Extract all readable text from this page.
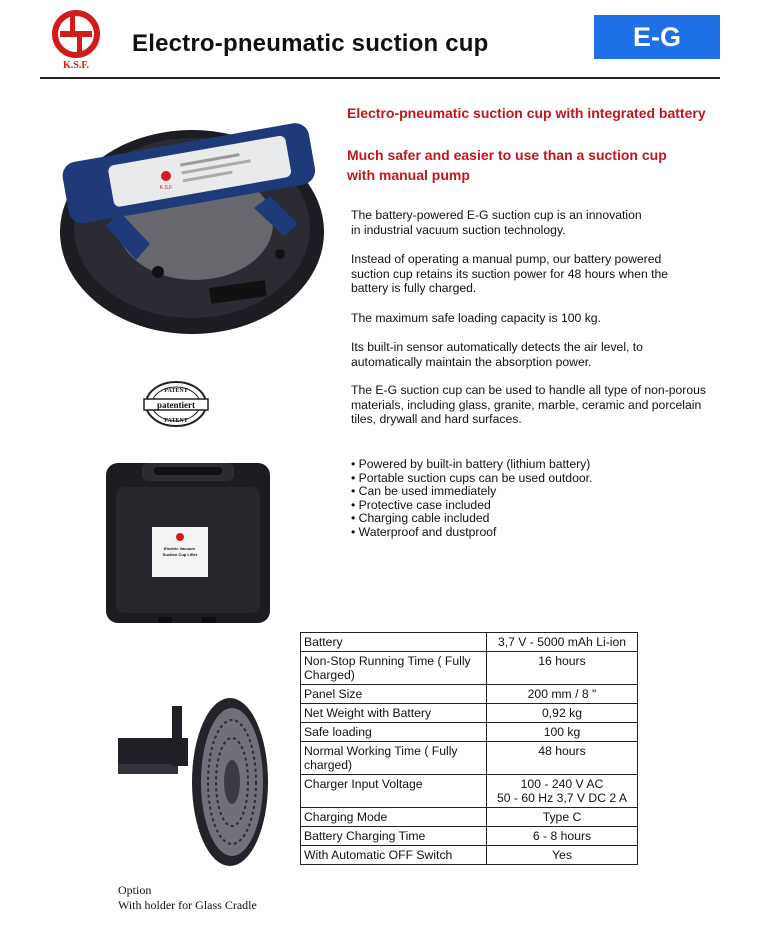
K.S.F.
Electro-pneumatic suction cup	E-G
Electro-pneumatic suction cup with integrated battery
Much safer and easier to use than a suction cup with manual pump
The battery-powered E-G suction cup is an innovation in industrial vacuum suction technology.
Instead of operating a manual pump, our battery powered suction cup retains its suction power for 48 hours when the battery is fully charged.
The maximum safe loading capacity is 100 kg.
Its built-in sensor automatically detects the air level, to automatically maintain the absorption power.
The E-G suction cup can be used to handle all type of non-porous materials, including glass, granite, marble, ceramic and porcelain tiles, drywall and hard surfaces.
• Powered by built-in battery (lithium battery)
• Portable suction cups can be used outdoor.
• Can be used immediately
• Protective case included
• Charging cable included
• Waterproof and dustproof
K.S.F
patentiert
PATENT
PATENT
Electric Vacuum Suction Cup Lifter
Option
With holder for Glass Cradle
Battery	3,7 V - 5000 mAh Li-ion
Non-Stop Running Time ( Fully Charged)	16 hours
Panel Size	200 mm / 8 "
Net Weight with Battery	0,92 kg
Safe loading	100 kg
Normal Working Time ( Fully charged)	48 hours
Charger Input Voltage	100 - 240 V AC
50 - 60 Hz 3,7 V DC 2 A
Charging Mode	Type C
Battery Charging Time	6 - 8 hours
With Automatic OFF Switch	Yes
